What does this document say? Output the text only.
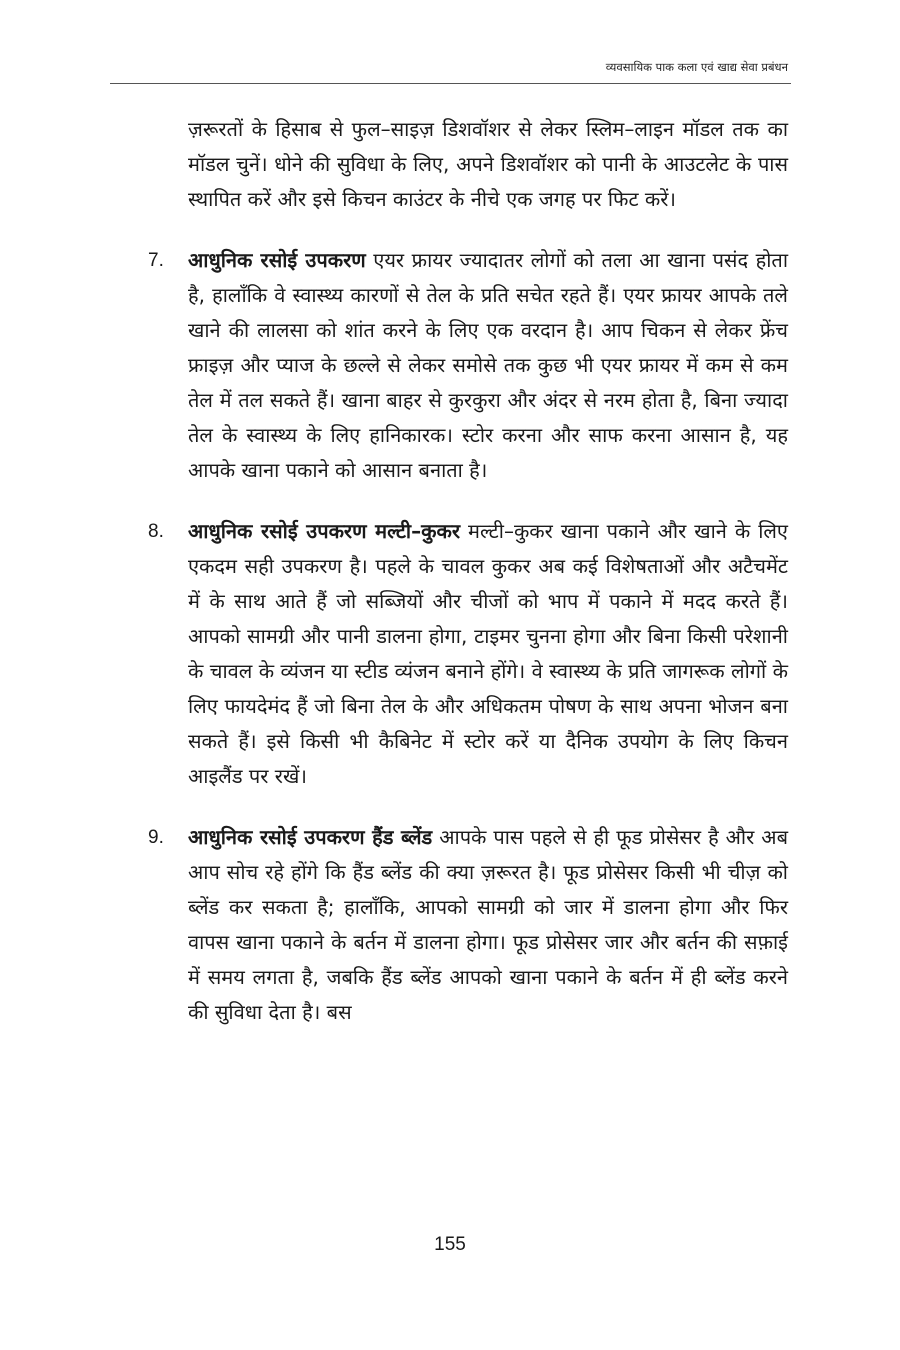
व्यवसायिक पाक कला एवं खाद्य सेवा प्रबंधन

ज़रूरतों के हिसाब से फुल–साइज़ डिशवॉशर से लेकर स्लिम–लाइन मॉडल तक का मॉडल चुनें। धोने की सुविधा के लिए, अपने डिशवॉशर को पानी के आउटलेट के पास स्थापित करें और इसे किचन काउंटर के नीचे एक जगह पर फिट करें।

7. आधुनिक रसोई उपकरण एयर फ्रायर ज्यादातर लोगों को तला आ खाना पसंद होता है, हालाँकि वे स्वास्थ्य कारणों से तेल के प्रति सचेत रहते हैं। एयर फ्रायर आपके तले खाने की लालसा को शांत करने के लिए एक वरदान है। आप चिकन से लेकर फ्रेंच फ्राइज़ और प्याज के छल्ले से लेकर समोसे तक कुछ भी एयर फ्रायर में कम से कम तेल में तल सकते हैं। खाना बाहर से कुरकुरा और अंदर से नरम होता है, बिना ज्यादा तेल के स्वास्थ्य के लिए हानिकारक। स्टोर करना और साफ करना आसान है, यह आपके खाना पकाने को आसान बनाता है।

8. आधुनिक रसोई उपकरण मल्टी–कुकर मल्टी–कुकर खाना पकाने और खाने के लिए एकदम सही उपकरण है। पहले के चावल कुकर अब कई विशेषताओं और अटैचमेंट में के साथ आते हैं जो सब्जियों और चीजों को भाप में पकाने में मदद करते हैं। आपको सामग्री और पानी डालना होगा, टाइमर चुनना होगा और बिना किसी परेशानी के चावल के व्यंजन या स्टीड व्यंजन बनाने होंगे। वे स्वास्थ्य के प्रति जागरूक लोगों के लिए फायदेमंद हैं जो बिना तेल के और अधिकतम पोषण के साथ अपना भोजन बना सकते हैं। इसे किसी भी कैबिनेट में स्टोर करें या दैनिक उपयोग के लिए किचन आइलैंड पर रखें।

9. आधुनिक रसोई उपकरण हैंड ब्लेंड आपके पास पहले से ही फूड प्रोसेसर है और अब आप सोच रहे होंगे कि हैंड ब्लेंड की क्या ज़रूरत है। फूड प्रोसेसर किसी भी चीज़ को ब्लेंड कर सकता है; हालाँकि, आपको सामग्री को जार में डालना होगा और फिर वापस खाना पकाने के बर्तन में डालना होगा। फूड प्रोसेसर जार और बर्तन की सफ़ाई में समय लगता है, जबकि हैंड ब्लेंड आपको खाना पकाने के बर्तन में ही ब्लेंड करने की सुविधा देता है। बस

155
